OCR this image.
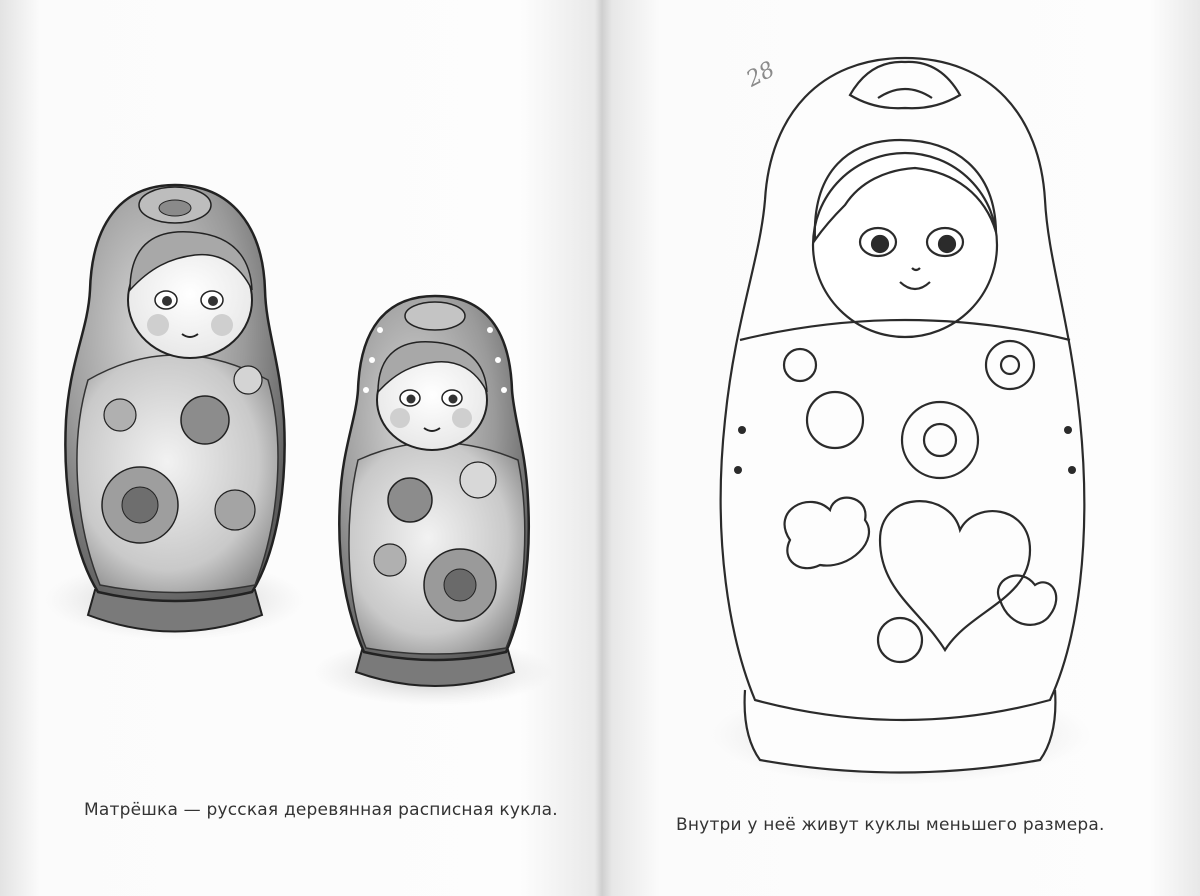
28
Матрёшка — русская деревянная расписная кукла.
Внутри у неё живут куклы меньшего размера.
